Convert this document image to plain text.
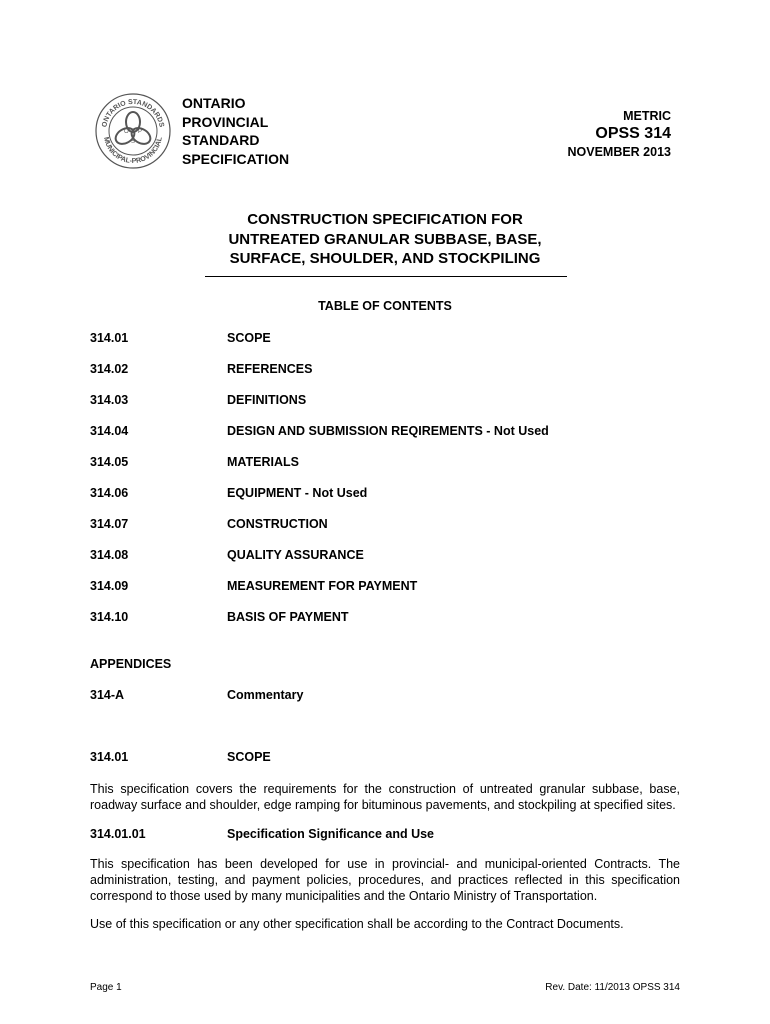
ONTARIO STANDARDS
MUNICIPAL-PROVINCIAL
O P
S
ONTARIO
PROVINCIAL
STANDARD
SPECIFICATION
METRIC
OPSS 314
NOVEMBER 2013
CONSTRUCTION SPECIFICATION FOR
UNTREATED GRANULAR SUBBASE, BASE,
SURFACE, SHOULDER, AND STOCKPILING
TABLE OF CONTENTS
314.01	SCOPE
314.02	REFERENCES
314.03	DEFINITIONS
314.04	DESIGN AND SUBMISSION REQIREMENTS - Not Used
314.05	MATERIALS
314.06	EQUIPMENT - Not Used
314.07	CONSTRUCTION
314.08	QUALITY ASSURANCE
314.09	MEASUREMENT FOR PAYMENT
314.10	BASIS OF PAYMENT
APPENDICES
314-A	Commentary
314.01	SCOPE
This specification covers the requirements for the construction of untreated granular subbase, base, roadway surface and shoulder, edge ramping for bituminous pavements, and stockpiling at specified sites.
314.01.01	Specification Significance and Use
This specification has been developed for use in provincial- and municipal-oriented Contracts. The administration, testing, and payment policies, procedures, and practices reflected in this specification correspond to those used by many municipalities and the Ontario Ministry of Transportation.
Use of this specification or any other specification shall be according to the Contract Documents.
Page 1	Rev. Date: 11/2013 OPSS 314
